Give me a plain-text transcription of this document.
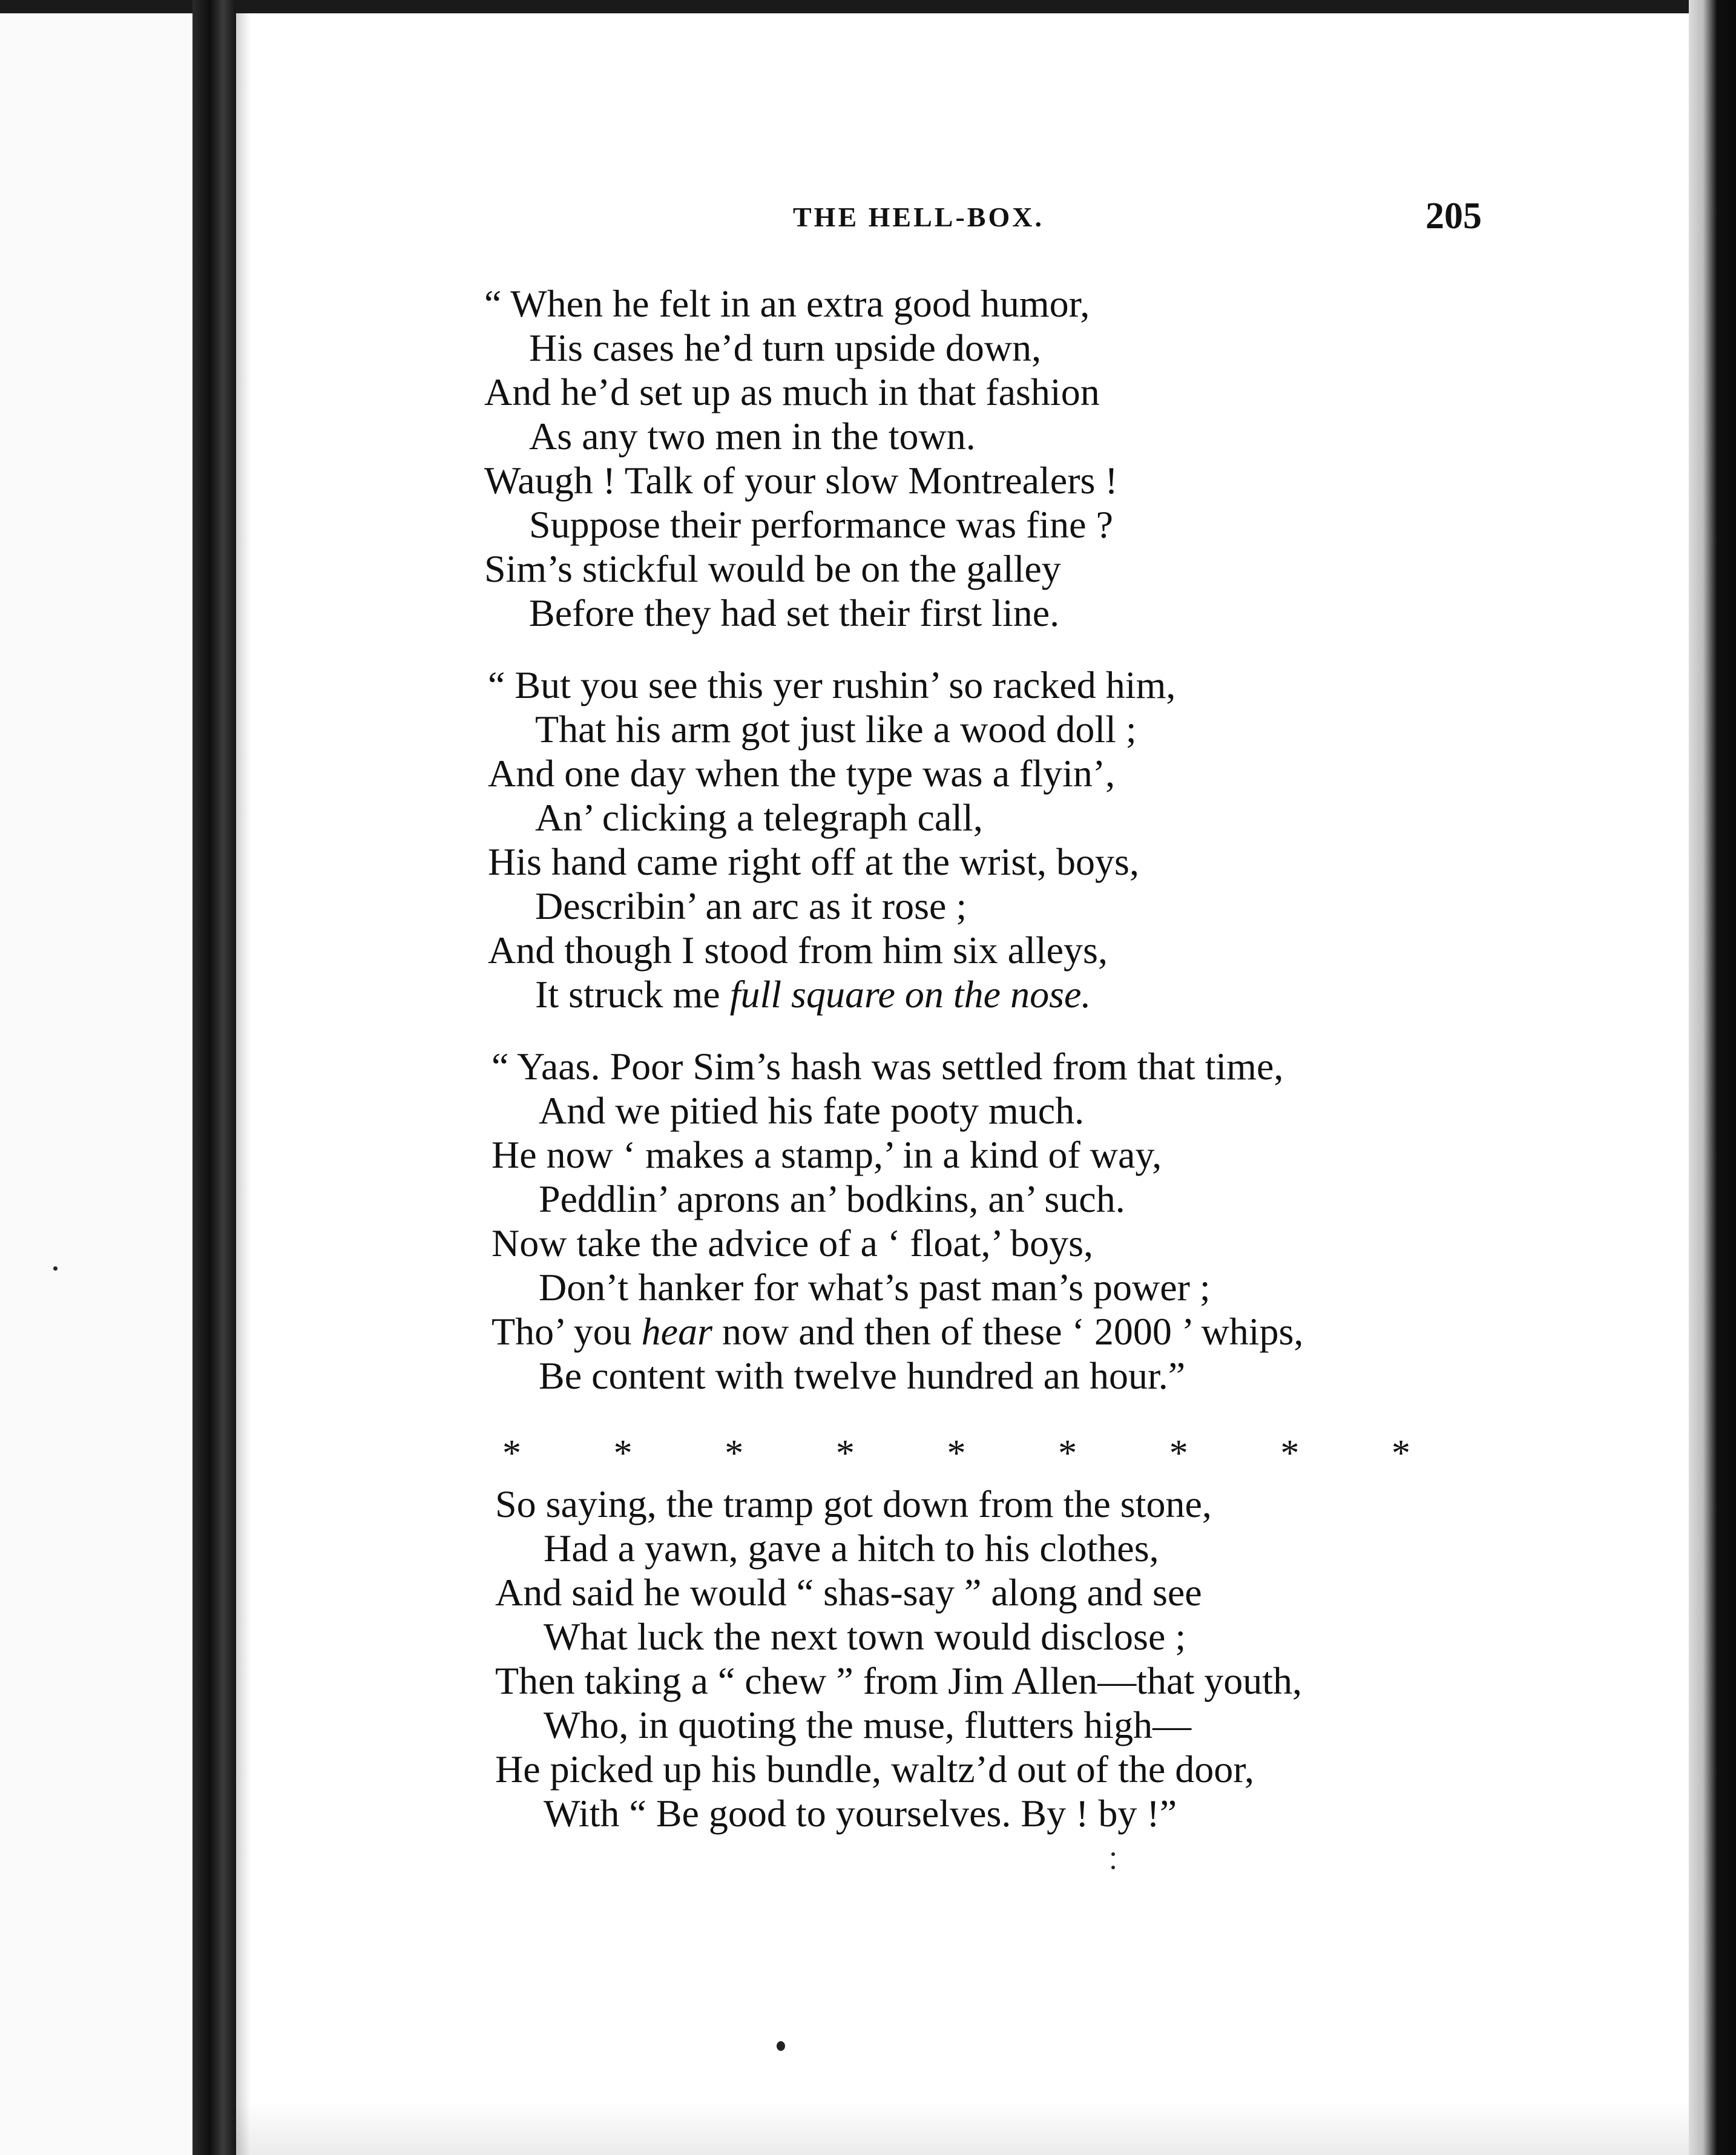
THE HELL-BOX.	205
“ When he felt in an extra good humor,
His cases he’d turn upside down,
And he’d set up as much in that fashion
As any two men in the town.
Waugh ! Talk of your slow Montrealers !
Suppose their performance was fine ?
Sim’s stickful would be on the galley
Before they had set their first line.
“ But you see this yer rushin’ so racked him,
That his arm got just like a wood doll ;
And one day when the type was a flyin’,
An’ clicking a telegraph call,
His hand came right off at the wrist, boys,
Describin’ an arc as it rose ;
And though I stood from him six alleys,
It struck me full square on the nose.
“ Yaas. Poor Sim’s hash was settled from that time,
And we pitied his fate pooty much.
He now ‘ makes a stamp,’ in a kind of way,
Peddlin’ aprons an’ bodkins, an’ such.
Now take the advice of a ‘ float,’ boys,
Don’t hanker for what’s past man’s power ;
Tho’ you hear now and then of these ‘ 2000 ’ whips,
Be content with twelve hundred an hour.”
* * * * * * * * *
So saying, the tramp got down from the stone,
Had a yawn, gave a hitch to his clothes,
And said he would “ shas-say ” along and see
What luck the next town would disclose ;
Then taking a “ chew ” from Jim Allen—that youth,
Who, in quoting the muse, flutters high—
He picked up his bundle, waltz’d out of the door,
With “ Be good to yourselves. By ! by !”
